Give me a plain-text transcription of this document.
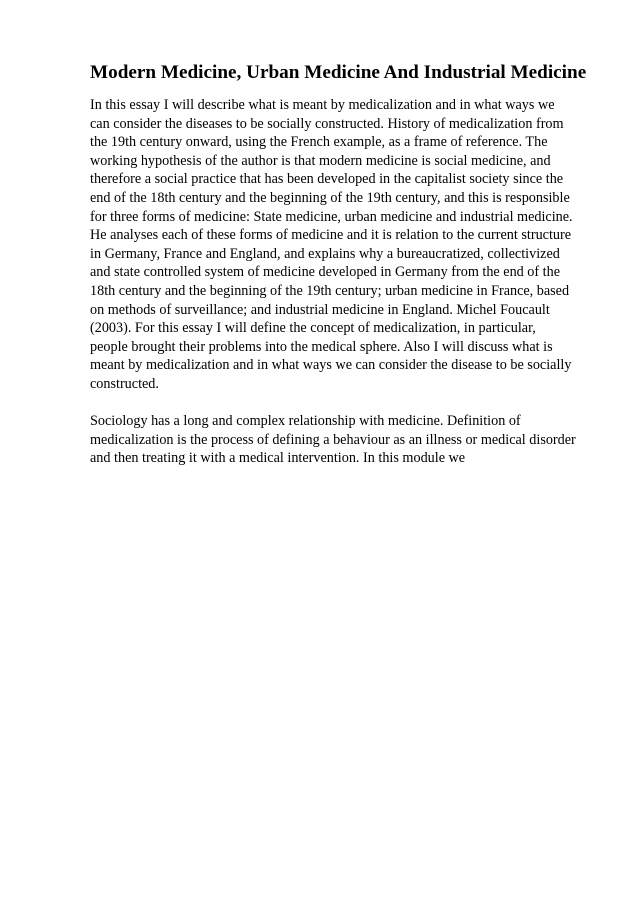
Modern Medicine, Urban Medicine And Industrial Medicine

In this essay I will describe what is meant by medicalization and in what ways we
can consider the diseases to be socially constructed. History of medicalization from
the 19th century onward, using the French example, as a frame of reference. The
working hypothesis of the author is that modern medicine is social medicine, and
therefore a social practice that has been developed in the capitalist society since the
end of the 18th century and the beginning of the 19th century, and this is responsible
for three forms of medicine: State medicine, urban medicine and industrial medicine.
He analyses each of these forms of medicine and it is relation to the current structure
in Germany, France and England, and explains why a bureaucratized, collectivized
and state controlled system of medicine developed in Germany from the end of the
18th century and the beginning of the 19th century; urban medicine in France, based
on methods of surveillance; and industrial medicine in England. Michel Foucault
(2003). For this essay I will define the concept of medicalization, in particular,
people brought their problems into the medical sphere. Also I will discuss what is
meant by medicalization and in what ways we can consider the disease to be socially
constructed.

Sociology has a long and complex relationship with medicine. Definition of
medicalization is the process of defining a behaviour as an illness or medical disorder
and then treating it with a medical intervention. In this module we
